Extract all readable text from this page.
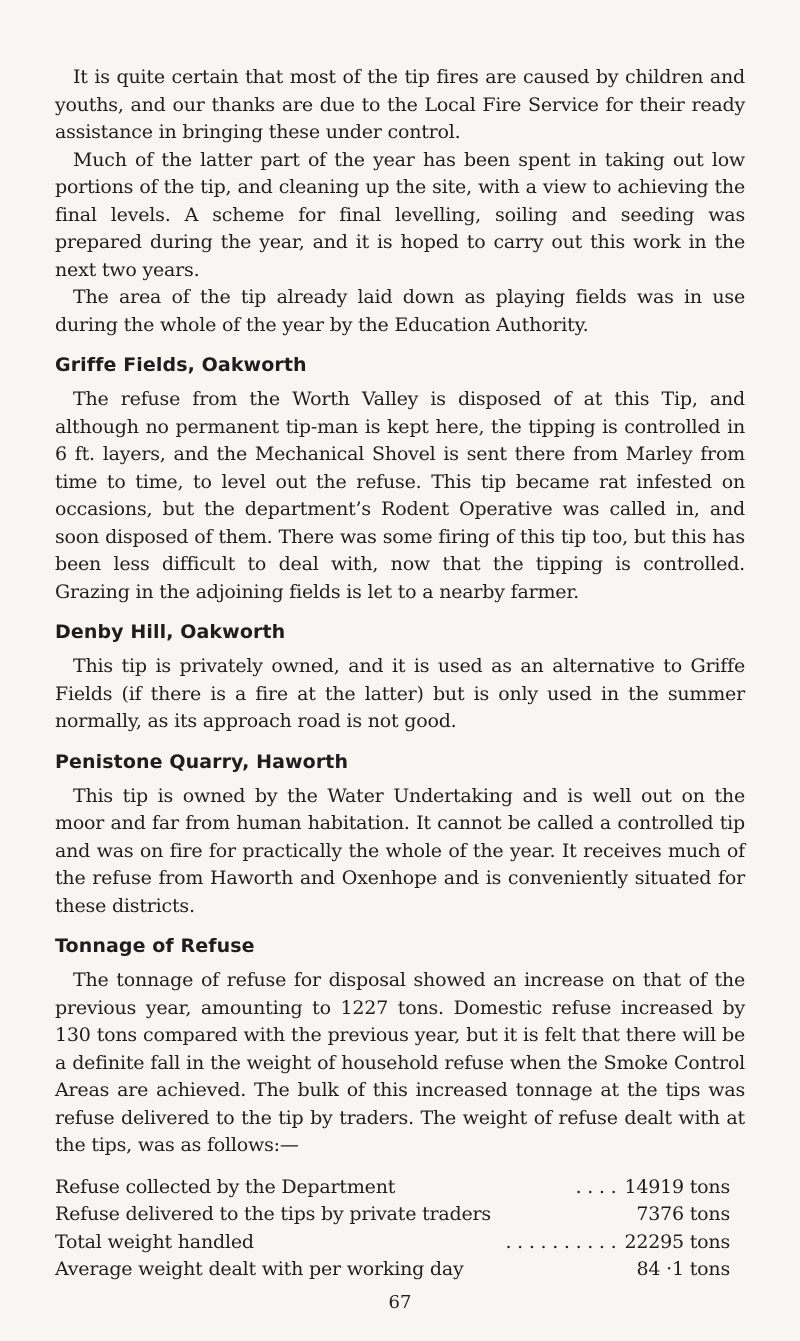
It is quite certain that most of the tip fires are caused by children and youths, and our thanks are due to the Local Fire Service for their ready assistance in bringing these under control.

Much of the latter part of the year has been spent in taking out low portions of the tip, and cleaning up the site, with a view to achieving the final levels. A scheme for final levelling, soiling and seeding was prepared during the year, and it is hoped to carry out this work in the next two years.

The area of the tip already laid down as playing fields was in use during the whole of the year by the Education Authority.

Griffe Fields, Oakworth

The refuse from the Worth Valley is disposed of at this Tip, and although no permanent tip-man is kept here, the tipping is controlled in 6 ft. layers, and the Mechanical Shovel is sent there from Marley from time to time, to level out the refuse. This tip became rat infested on occasions, but the department’s Rodent Operative was called in, and soon disposed of them. There was some firing of this tip too, but this has been less difficult to deal with, now that the tipping is controlled. Grazing in the adjoining fields is let to a nearby farmer.

Denby Hill, Oakworth

This tip is privately owned, and it is used as an alternative to Griffe Fields (if there is a fire at the latter) but is only used in the summer normally, as its approach road is not good.

Penistone Quarry, Haworth

This tip is owned by the Water Undertaking and is well out on the moor and far from human habitation. It cannot be called a controlled tip and was on fire for practically the whole of the year. It receives much of the refuse from Haworth and Oxenhope and is conveniently situated for these districts.

Tonnage of Refuse

The tonnage of refuse for disposal showed an increase on that of the previous year, amounting to 1227 tons. Domestic refuse increased by 130 tons compared with the previous year, but it is felt that there will be a definite fall in the weight of household refuse when the Smoke Control Areas are achieved. The bulk of this increased tonnage at the tips was refuse delivered to the tip by traders. The weight of refuse dealt with at the tips, was as follows:—

Refuse collected by the Department	. . . . 14919 tons
Refuse delivered to the tips by private traders	7376 tons
Total weight handled	. . . . . . . . . . 22295 tons
Average weight dealt with per working day	84 ·1 tons
67
